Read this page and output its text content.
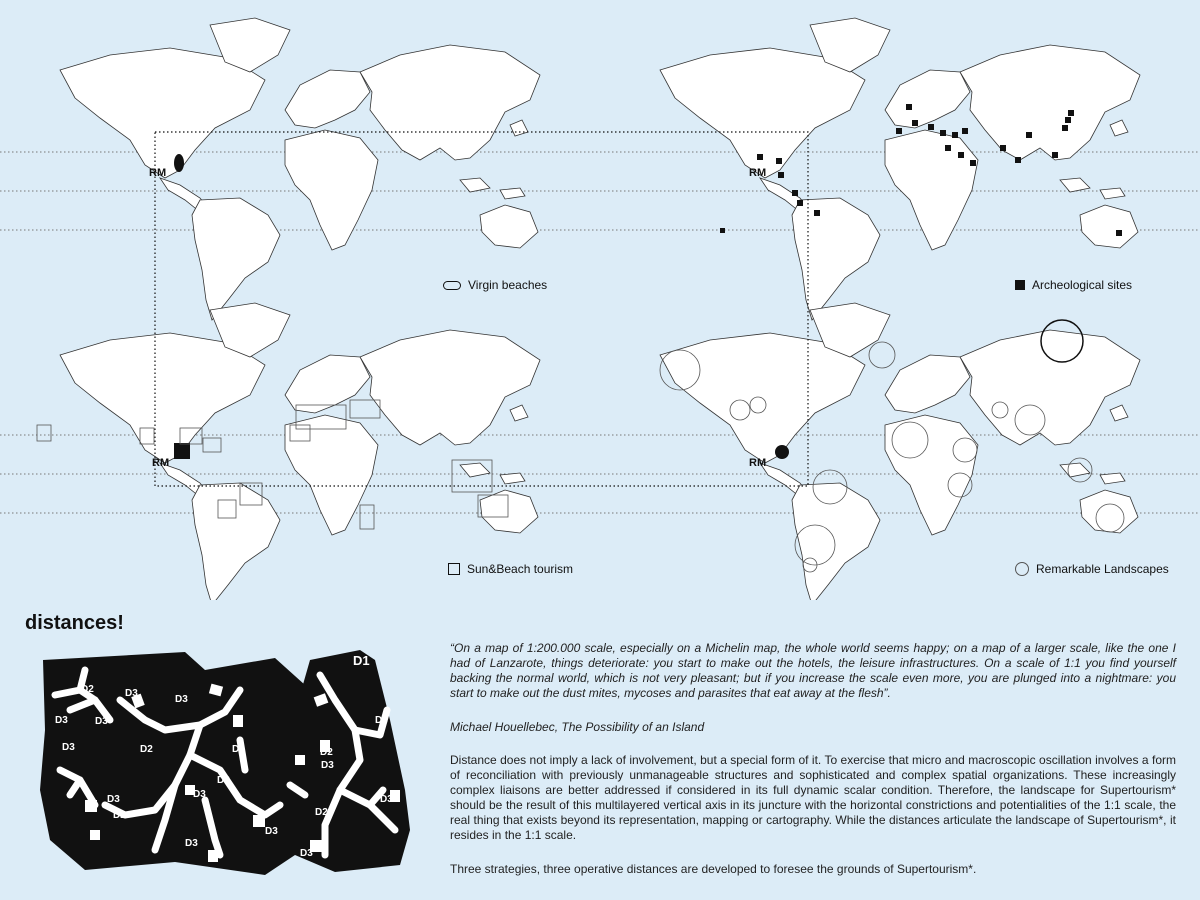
RM	RM
RM	RM
Virgin beaches	Archeological sites
Sun&Beach tourism	Remarkable Landscapes
distances!
D1
D2
D3
D3
D3
D3
D2
D3
D2
D3
D2
D3
D3
D3
D3	D2
D3
D3
D2
D3
D3
“On a map of 1:200.000 scale, especially on a Michelin map, the whole world seems happy; on a map of a larger scale, like the one I had of Lanzarote, things deteriorate: you start to make out the hotels, the leisure infrastructures. On a scale of 1:1 you find yourself backing the normal world, which is not very pleasant; but if you increase the scale even more, you are plunged into a nightmare: you start to make out the dust mites, mycoses and parasites that eat away at the flesh”.
Michael Houellebec, The Possibility of an Island
Distance does not imply a lack of involvement, but a special form of it. To exercise that micro and macroscopic oscillation involves a form of reconciliation with previously unmanageable structures and sophisticated and complex spatial organizations. These increasingly complex liaisons are better addressed if considered in its full dynamic scalar condition. Therefore, the landscape for Supertourism* should be the result of this multilayered vertical axis in its juncture with the horizontal constrictions and potentialities of the 1:1 scale, the real thing that exists beyond its representation, mapping or cartography. While the distances articulate the landscape of Supertourism*, it resides in the 1:1 scale.
Three strategies, three operative distances are developed to foresee the grounds of Supertourism*.
